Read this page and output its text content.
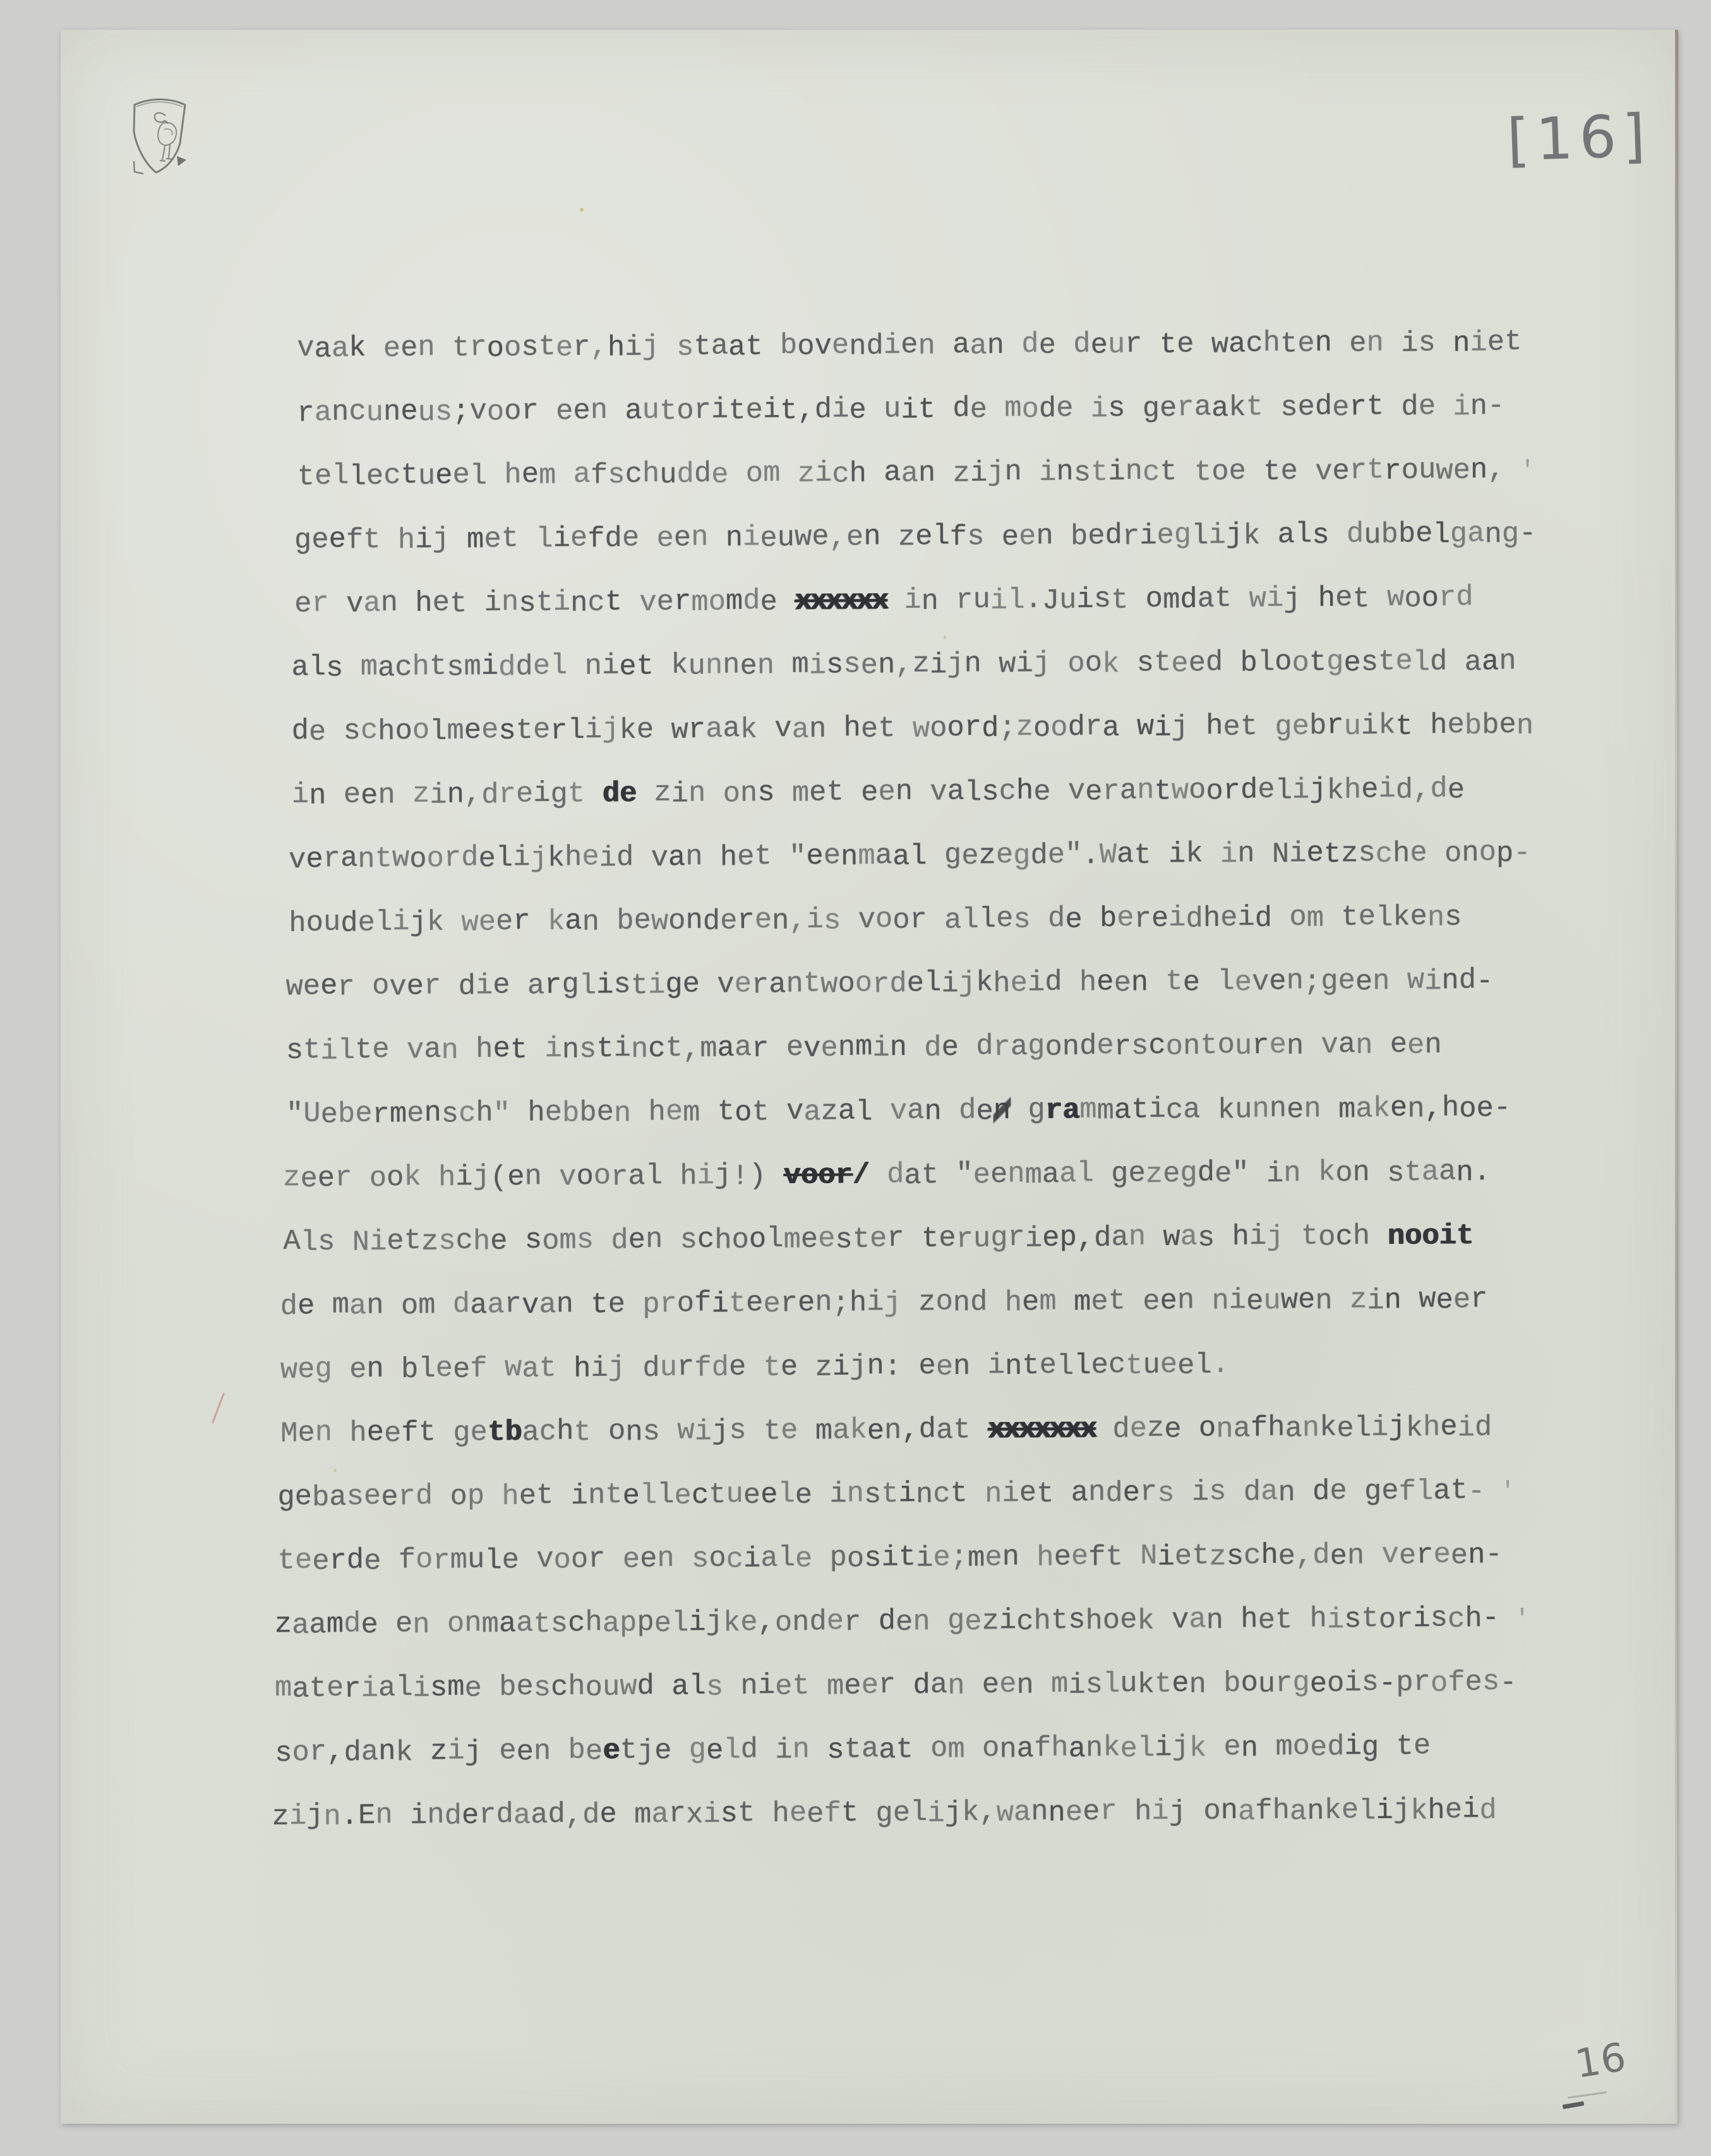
[16]
vaak een trooster,hij staat bovendien aan de deur te wachten en is niet
rancuneus;voor een autoriteit,die uit de mode is geraakt sedert de in-
tellectueel hem afschudde om zich aan zijn instinct toe te vertrouwen, '
geeft hij met liefde een nieuwe,en zelfs een bedrieglijk als dubbelgang-
er van het instinct vermomde xxxxxx in ruil.Juist omdat wij het woord
als machtsmiddel niet kunnen missen,zijn wij ook steed blootgesteld aan
de schoolmeesterlijke wraak van het woord;zoodra wij het gebruikt hebben
in een zin,dreigt de zin ons met een valsche verantwoordelijkheid,de
verantwoordelijkheid van het "eenmaal gezegde".Wat ik in Nietzsche onop-
houdelijk weer kan bewonderen,is voor alles de bereidheid om telkens
weer over die arglistige verantwoordelijkheid heen te leven;geen wind-
stilte van het instinct,maar evenmin de dragonderscontouren van een
"Uebermensch" hebben hem tot vazal van den grammatica kunnen maken,hoe-
zeer ook hij(en vooral hij!) voor/ dat "eenmaal gezegde" in kon staan.
Als Nietzsche soms den schoolmeester terugriep,dan was hij toch nooit
de man om daarvan te profiteeren;hij zond hem met een nieuwen zin weer
weg en bleef wat hij durfde te zijn: een intellectueel.
Men heeft getbacht ons wijs te maken,dat xxxxxxx deze onafhankelijkheid
gebaseerd op het intellectueele instinct niet anders is dan de geflat- '
teerde formule voor een sociale positie;men heeft Nietzsche,den vereen-
zaamde en onmaatschappelijke,onder den gezichtshoek van het historisch- '
materialisme beschouwd als niet meer dan een mislukten bourgeois-profes-
sor,dank zij een beetje geld in staat om onafhankelijk en moedig te
zijn.En inderdaad,de marxist heeft gelijk,wanneer hij onafhankelijkheid
16
